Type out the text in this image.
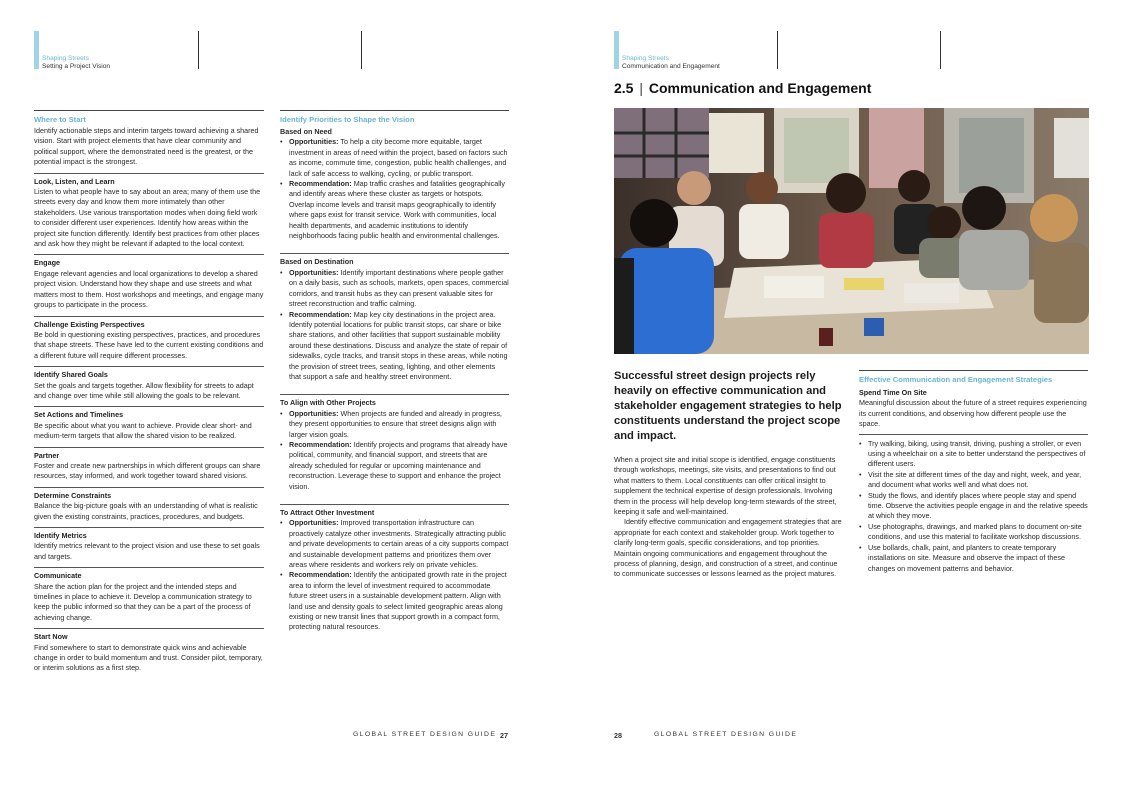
Shaping Streets
Setting a Project Vision
Shaping Streets
Communication and Engagement
Where to Start

Identify actionable steps and interim targets toward achieving a shared vision. Start with project elements that have clear community and political support, where the demonstrated need is the greatest, or the potential impact is the strongest.

Look, Listen, and Learn

Listen to what people have to say about an area; many of them use the streets every day and know them more intimately than other stakeholders. Use various transportation modes when doing field work to consider different user experiences. Identify how areas within the project site function differently. Identify best practices from other places and ask how they might be relevant if adapted to the local context.

Engage

Engage relevant agencies and local organizations to develop a shared project vision. Understand how they shape and use streets and what matters most to them. Host workshops and meetings, and engage many groups to participate in the process.

Challenge Existing Perspectives

Be bold in questioning existing perspectives, practices, and procedures that shape streets. These have led to the current existing conditions and a different future will require different processes.

Identify Shared Goals

Set the goals and targets together. Allow flexibility for streets to adapt and change over time while still allowing the goals to be relevant.

Set Actions and Timelines

Be specific about what you want to achieve. Provide clear short- and medium-term targets that allow the shared vision to be realized.

Partner

Foster and create new partnerships in which different groups can share resources, stay informed, and work together toward shared visions.

Determine Constraints

Balance the big-picture goals with an understanding of what is realistic given the existing constraints, practices, procedures, and budgets.

Identify Metrics

Identify metrics relevant to the project vision and use these to set goals and targets.

Communicate

Share the action plan for the project and the intended steps and timelines in place to achieve it. Develop a communication strategy to keep the public informed so that they can be a part of the process of achieving change.

Start Now

Find somewhere to start to demonstrate quick wins and achievable change in order to build momentum and trust. Consider pilot, temporary, or interim solutions as a first step.

Identify Priorities to Shape the Vision

Based on Need

• Opportunities: To help a city become more equitable, target investment in areas of need within the project, based on factors such as income, commute time, congestion, public health challenges, and lack of safe access to walking, cycling, or public transport.
• Recommendation: Map traffic crashes and fatalities geographically and identify areas where these cluster as targets or hotspots. Overlap income levels and transit maps geographically to identify where gaps exist for transit service. Work with communities, local health departments, and academic institutions to identify neighborhoods facing public health and environmental challenges.

Based on Destination

• Opportunities: Identify important destinations where people gather on a daily basis, such as schools, markets, open spaces, commercial corridors, and transit hubs as they can present valuable sites for street reconstruction and traffic calming.
• Recommendation: Map key city destinations in the project area. Identify potential locations for public transit stops, car share or bike share stations, and other facilities that support sustainable mobility around these destinations. Discuss and analyze the state of repair of sidewalks, cycle tracks, and transit stops in these areas, while noting the provision of street trees, seating, lighting, and other elements that support a safe and healthy street environment.

To Align with Other Projects

• Opportunities: When projects are funded and already in progress, they present opportunities to ensure that street designs align with larger vision goals.
• Recommendation: Identify projects and programs that already have political, community, and financial support, and streets that are already scheduled for regular or upcoming maintenance and reconstruction. Leverage these to support and enhance the project vision.

To Attract Other Investment

• Opportunities: Improved transportation infrastructure can proactively catalyze other investments. Strategically attracting public and private developments to certain areas of a city supports compact and sustainable development patterns and prioritizes them over areas where residents and workers rely on private vehicles.
• Recommendation: Identify the anticipated growth rate in the project area to inform the level of investment required to accommodate future street users in a sustainable development pattern. Align with land use and density goals to select limited geographic areas along existing or new transit lines that support growth in a compact form, protecting natural resources.
2.5 | Communication and Engagement
Successful street design projects rely heavily on effective communication and stakeholder engagement strategies to help constituents understand the project scope and impact.

When a project site and initial scope is identified, engage constituents through workshops, meetings, site visits, and presentations to find out what matters to them. Local constituents can offer critical insight to supplement the technical expertise of design professionals. Involving them in the process will help develop long-term stewards of the street, keeping it safe and well-maintained.

Identify effective communication and engagement strategies that are appropriate for each context and stakeholder group. Work together to clarify long-term goals, specific considerations, and top priorities. Maintain ongoing communications and engagement throughout the process of planning, design, and construction of a street, and continue to communicate successes or lessons learned as the project matures.

Effective Communication and Engagement Strategies
Spend Time On Site

Meaningful discussion about the future of a street requires experiencing its current conditions, and observing how different people use the space.

• Try walking, biking, using transit, driving, pushing a stroller, or even using a wheelchair on a site to better understand the perspectives of different users.
• Visit the site at different times of the day and night, week, and year, and document what works well and what does not.
• Study the flows, and identify places where people stay and spend time. Observe the activities people engage in and the relative speeds at which they move.
• Use photographs, drawings, and marked plans to document on-site conditions, and use this material to facilitate workshop discussions.
• Use bollards, chalk, paint, and planters to create temporary installations on site. Measure and observe the impact of these changes on movement patterns and behavior.
GLOBAL STREET DESIGN GUIDE 27	28	GLOBAL STREET DESIGN GUIDE
